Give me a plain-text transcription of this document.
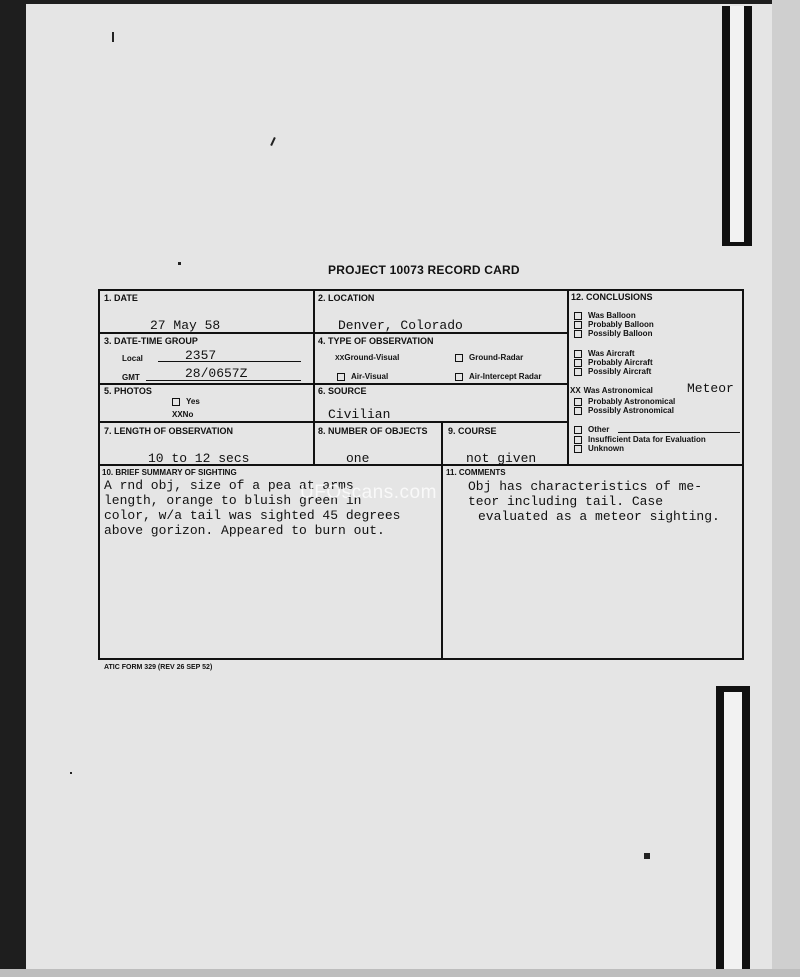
PROJECT 10073 RECORD CARD
1. DATE
27 May 58
2. LOCATION
Denver, Colorado
3. DATE-TIME GROUP
Local	2357
GMT	28/0657Z
4. TYPE OF OBSERVATION
XXGround-Visual	Ground-Radar
Air-Visual	Air-Intercept Radar
5. PHOTOS
Yes
XXNo
6. SOURCE
Civilian
7. LENGTH OF OBSERVATION
10 to 12 secs
8. NUMBER OF OBJECTS
one
9. COURSE
not given
10. BRIEF SUMMARY OF SIGHTING
A rnd obj, size of a pea at arms
length, orange to bluish green in
color, w/a tail was sighted 45 degrees
above gorizon. Appeared to burn out.
11. COMMENTS
Obj has characteristics of me-
teor including tail. Case
evaluated as a meteor sighting.
12. CONCLUSIONS
Was Balloon
Probably Balloon
Possibly Balloon
Was Aircraft
Probably Aircraft
Possibly Aircraft
XX Was Astronomical	Meteor
Probably Astronomical
Possibly Astronomical
Other
Insufficient Data for Evaluation
Unknown
UFOscans.com
ATIC FORM 329 (REV 26 SEP 52)
